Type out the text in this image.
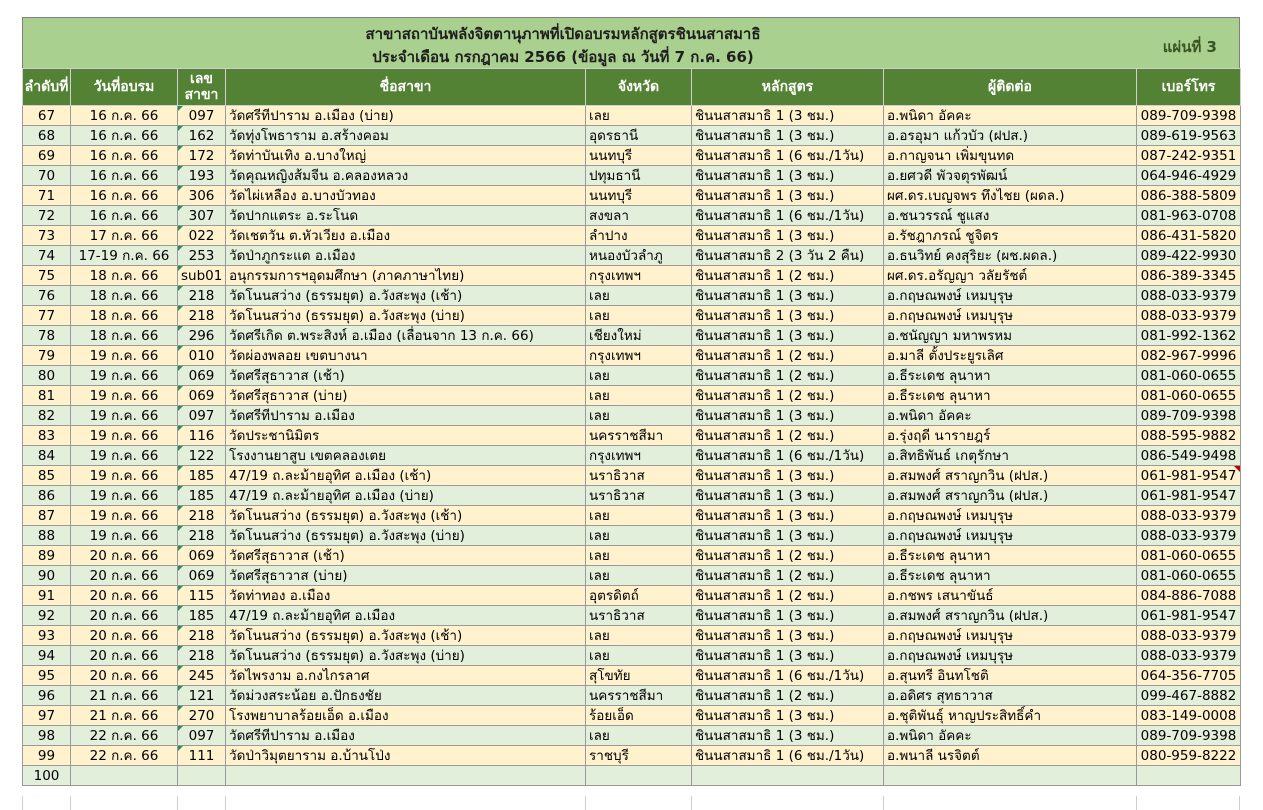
สาขาสถาบันพลังจิตตานุภาพที่เปิดอบรมหลักสูตรชินนสาสมาธิ
ประจำเดือน กรกฎาคม 2566 (ข้อมูล ณ วันที่ 7 ก.ค. 66)
แผ่นที่ 3
ลำดับที่	วันที่อบรม	เลขสาขา	ชื่อสาขา	จังหวัด	หลักสูตร	ผู้ติดต่อ	เบอร์โทร
67	16 ก.ค. 66	097	วัดศรีทีปาราม อ.เมือง (บ่าย)	เลย	ชินนสาสมาธิ 1 (3 ชม.)	อ.พนิดา อัคคะ	089-709-9398
68	16 ก.ค. 66	162	วัดทุ่งโพธาราม อ.สร้างคอม	อุดรธานี	ชินนสาสมาธิ 1 (3 ชม.)	อ.อรอุมา แก้วบัว (ฝปส.)	089-619-9563
69	16 ก.ค. 66	172	วัดท่าบันเทิง อ.บางใหญ่	นนทบุรี	ชินนสาสมาธิ 1 (6 ชม./1วัน)	อ.กาญจนา เพิ่มขุนทด	087-242-9351
70	16 ก.ค. 66	193	วัดคุณหญิงส้มจีน อ.คลองหลวง	ปทุมธานี	ชินนสาสมาธิ 1 (3 ชม.)	อ.ยศวดี พัวจตุรพัฒน์	064-946-4929
71	16 ก.ค. 66	306	วัดไผ่เหลือง อ.บางบัวทอง	นนทบุรี	ชินนสาสมาธิ 1 (3 ชม.)	ผศ.ดร.เบญจพร ทึงไชย (ผดล.)	086-388-5809
72	16 ก.ค. 66	307	วัดปากแตระ อ.ระโนด	สงขลา	ชินนสาสมาธิ 1 (6 ชม./1วัน)	อ.ชนวรรณ์ ชูแสง	081-963-0708
73	17 ก.ค. 66	022	วัดเชตวัน ต.หัวเวียง อ.เมือง	ลำปาง	ชินนสาสมาธิ 1 (3 ชม.)	อ.รัชฎาภรณ์ ชูจิตร	086-431-5820
74	17-19 ก.ค. 66	253	วัดป่าภูกระแต อ.เมือง	หนองบัวลำภู	ชินนสาสมาธิ 2 (3 วัน 2 คืน)	อ.ธนวิทย์ คงสุริยะ (ผช.ผดล.)	089-422-9930
75	18 ก.ค. 66	sub01	อนุกรรมการฯอุดมศึกษา (ภาคภาษาไทย)	กรุงเทพฯ	ชินนสาสมาธิ 1 (2 ชม.)	ผศ.ดร.อรัญญา วลัยรัชต์	086-389-3345
76	18 ก.ค. 66	218	วัดโนนสว่าง (ธรรมยุต) อ.วังสะพุง (เช้า)	เลย	ชินนสาสมาธิ 1 (3 ชม.)	อ.กฤษณพงษ์ เหมบุรุษ	088-033-9379
77	18 ก.ค. 66	218	วัดโนนสว่าง (ธรรมยุต) อ.วังสะพุง (บ่าย)	เลย	ชินนสาสมาธิ 1 (3 ชม.)	อ.กฤษณพงษ์ เหมบุรุษ	088-033-9379
78	18 ก.ค. 66	296	วัดศรีเกิด ต.พระสิงห์ อ.เมือง (เลื่อนจาก 13 ก.ค. 66)	เชียงใหม่	ชินนสาสมาธิ 1 (3 ชม.)	อ.ชนัญญา มหาพรหม	081-992-1362
79	19 ก.ค. 66	010	วัดผ่องพลอย เขตบางนา	กรุงเทพฯ	ชินนสาสมาธิ 1 (2 ชม.)	อ.มาลี ตั้งประยูรเลิศ	082-967-9996
80	19 ก.ค. 66	069	วัดศรีสุธาวาส (เช้า)	เลย	ชินนสาสมาธิ 1 (2 ชม.)	อ.ธีระเดช ลุนาหา	081-060-0655
81	19 ก.ค. 66	069	วัดศรีสุธาวาส (บ่าย)	เลย	ชินนสาสมาธิ 1 (2 ชม.)	อ.ธีระเดช ลุนาหา	081-060-0655
82	19 ก.ค. 66	097	วัดศรีทีปาราม อ.เมือง	เลย	ชินนสาสมาธิ 1 (3 ชม.)	อ.พนิดา อัคคะ	089-709-9398
83	19 ก.ค. 66	116	วัดประชานิมิตร	นครราชสีมา	ชินนสาสมาธิ 1 (2 ชม.)	อ.รุ่งฤดี นารายฎร์	088-595-9882
84	19 ก.ค. 66	122	โรงงานยาสูบ เขตคลองเตย	กรุงเทพฯ	ชินนสาสมาธิ 1 (6 ชม./1วัน)	อ.สิทธิพันธ์ เกตุรักษา	086-549-9498
85	19 ก.ค. 66	185	47/19 ถ.ละม้ายอุทิศ อ.เมือง (เช้า)	นราธิวาส	ชินนสาสมาธิ 1 (3 ชม.)	อ.สมพงศ์ สราญกวิน (ฝปส.)	061-981-9547
86	19 ก.ค. 66	185	47/19 ถ.ละม้ายอุทิศ อ.เมือง (บ่าย)	นราธิวาส	ชินนสาสมาธิ 1 (3 ชม.)	อ.สมพงศ์ สราญกวิน (ฝปส.)	061-981-9547
87	19 ก.ค. 66	218	วัดโนนสว่าง (ธรรมยุต) อ.วังสะพุง (เช้า)	เลย	ชินนสาสมาธิ 1 (3 ชม.)	อ.กฤษณพงษ์ เหมบุรุษ	088-033-9379
88	19 ก.ค. 66	218	วัดโนนสว่าง (ธรรมยุต) อ.วังสะพุง (บ่าย)	เลย	ชินนสาสมาธิ 1 (3 ชม.)	อ.กฤษณพงษ์ เหมบุรุษ	088-033-9379
89	20 ก.ค. 66	069	วัดศรีสุธาวาส (เช้า)	เลย	ชินนสาสมาธิ 1 (2 ชม.)	อ.ธีระเดช ลุนาหา	081-060-0655
90	20 ก.ค. 66	069	วัดศรีสุธาวาส (บ่าย)	เลย	ชินนสาสมาธิ 1 (2 ชม.)	อ.ธีระเดช ลุนาหา	081-060-0655
91	20 ก.ค. 66	115	วัดท่าทอง อ.เมือง	อุตรดิตถ์	ชินนสาสมาธิ 1 (2 ชม.)	อ.กชพร เสนาขันธ์	084-886-7088
92	20 ก.ค. 66	185	47/19 ถ.ละม้ายอุทิศ อ.เมือง	นราธิวาส	ชินนสาสมาธิ 1 (3 ชม.)	อ.สมพงศ์ สราญกวิน (ฝปส.)	061-981-9547
93	20 ก.ค. 66	218	วัดโนนสว่าง (ธรรมยุต) อ.วังสะพุง (เช้า)	เลย	ชินนสาสมาธิ 1 (3 ชม.)	อ.กฤษณพงษ์ เหมบุรุษ	088-033-9379
94	20 ก.ค. 66	218	วัดโนนสว่าง (ธรรมยุต) อ.วังสะพุง (บ่าย)	เลย	ชินนสาสมาธิ 1 (3 ชม.)	อ.กฤษณพงษ์ เหมบุรุษ	088-033-9379
95	20 ก.ค. 66	245	วัดไพรงาม อ.กงไกรลาศ	สุโขทัย	ชินนสาสมาธิ 1 (6 ชม./1วัน)	อ.สุนทรี อินทโชติ	064-356-7705
96	21 ก.ค. 66	121	วัดม่วงสระน้อย อ.ปักธงชัย	นครราชสีมา	ชินนสาสมาธิ 1 (2 ชม.)	อ.อดิศร สุทธาวาส	099-467-8882
97	21 ก.ค. 66	270	โรงพยาบาลร้อยเอ็ด อ.เมือง	ร้อยเอ็ด	ชินนสาสมาธิ 1 (3 ชม.)	อ.ชุติพันธุ์ หาญประสิทธิ์คำ	083-149-0008
98	22 ก.ค. 66	097	วัดศรีทีปาราม อ.เมือง	เลย	ชินนสาสมาธิ 1 (3 ชม.)	อ.พนิดา อัคคะ	089-709-9398
99	22 ก.ค. 66	111	วัดป่าวิมุตยาราม อ.บ้านโป่ง	ราชบุรี	ชินนสาสมาธิ 1 (6 ชม./1วัน)	อ.พนาลี นรจิตต์	080-959-8222
100							
